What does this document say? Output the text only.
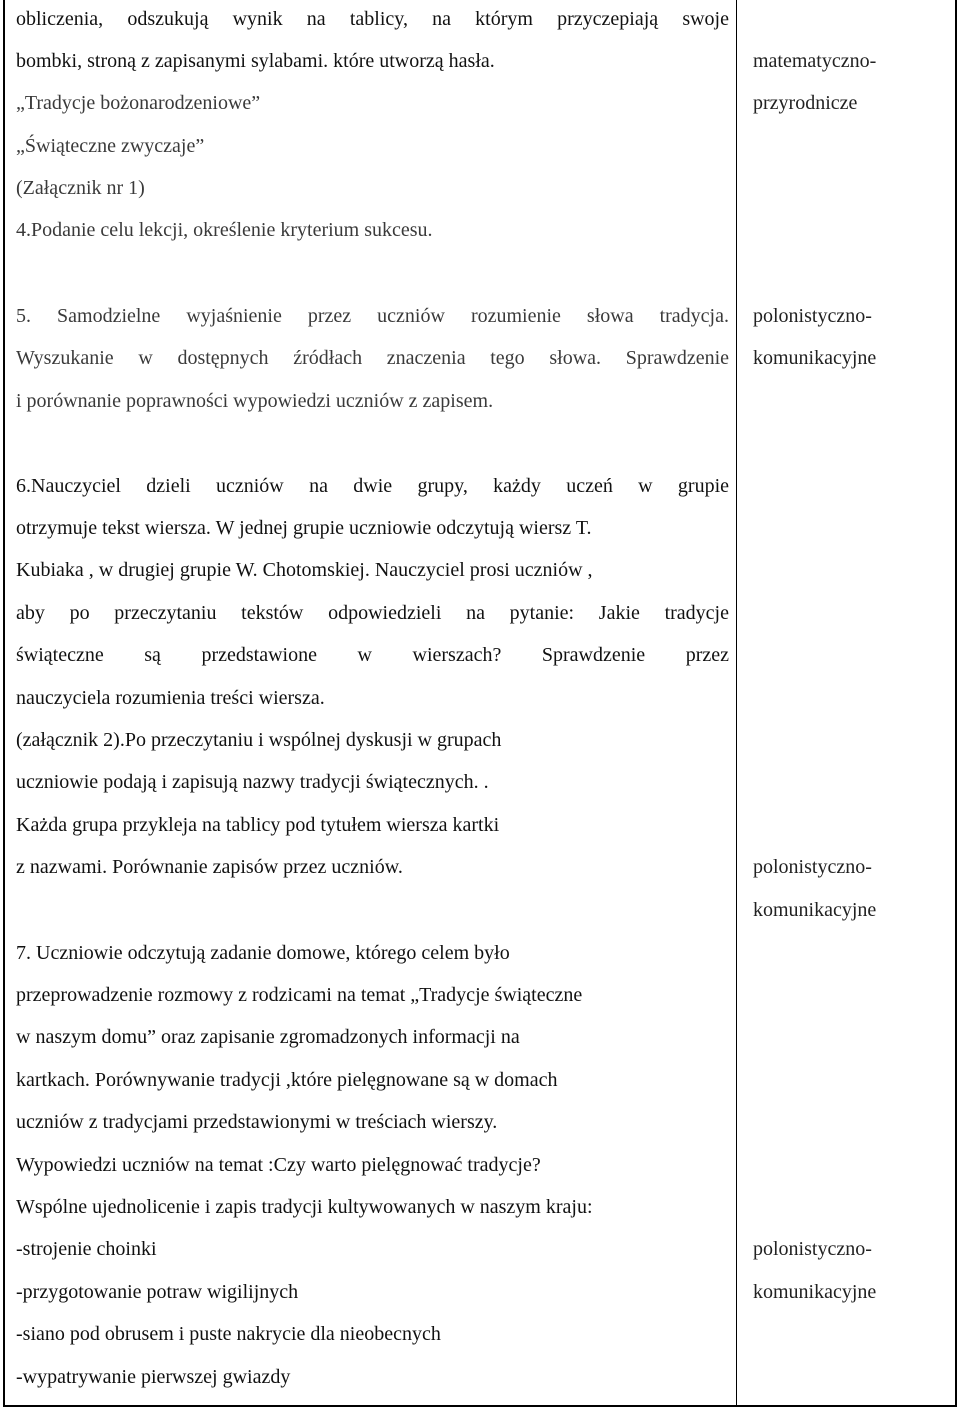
obliczenia, odszukują wynik na tablicy, na którym przyczepiają swoje
bombki, stroną z zapisanymi sylabami. które utworzą hasła.
„Tradycje bożonarodzeniowe”
„Świąteczne zwyczaje”
(Załącznik nr 1)
4.Podanie celu lekcji, określenie kryterium sukcesu.
5. Samodzielne wyjaśnienie przez uczniów rozumienie słowa tradycja.
Wyszukanie w dostępnych źródłach znaczenia tego słowa. Sprawdzenie
i porównanie poprawności wypowiedzi uczniów z zapisem.
6.Nauczyciel dzieli uczniów na dwie grupy, każdy uczeń w grupie
otrzymuje tekst wiersza. W jednej grupie uczniowie odczytują wiersz T.
Kubiaka , w drugiej grupie W. Chotomskiej. Nauczyciel prosi uczniów ,
aby po przeczytaniu tekstów odpowiedzieli na pytanie: Jakie tradycje
świąteczne są przedstawione w wierszach? Sprawdzenie przez
nauczyciela rozumienia treści wiersza.
(załącznik 2).Po przeczytaniu i wspólnej dyskusji w grupach
uczniowie podają i zapisują nazwy tradycji świątecznych. .
Każda grupa przykleja na tablicy pod tytułem wiersza kartki
z nazwami. Porównanie zapisów przez uczniów.
7. Uczniowie odczytują zadanie domowe, którego celem było
przeprowadzenie rozmowy z rodzicami na temat „Tradycje świąteczne
w naszym domu” oraz zapisanie zgromadzonych informacji na
kartkach. Porównywanie tradycji ,które pielęgnowane są w domach
uczniów z tradycjami przedstawionymi w treściach wierszy.
Wypowiedzi uczniów na temat :Czy warto pielęgnować tradycje?
Wspólne ujednolicenie i zapis tradycji kultywowanych w naszym kraju:
-strojenie choinki
-przygotowanie potraw wigilijnych
-siano pod obrusem i puste nakrycie dla nieobecnych
-wypatrywanie pierwszej gwiazdy
matematyczno-
przyrodnicze
polonistyczno-
komunikacyjne
polonistyczno-
komunikacyjne
polonistyczno-
komunikacyjne
